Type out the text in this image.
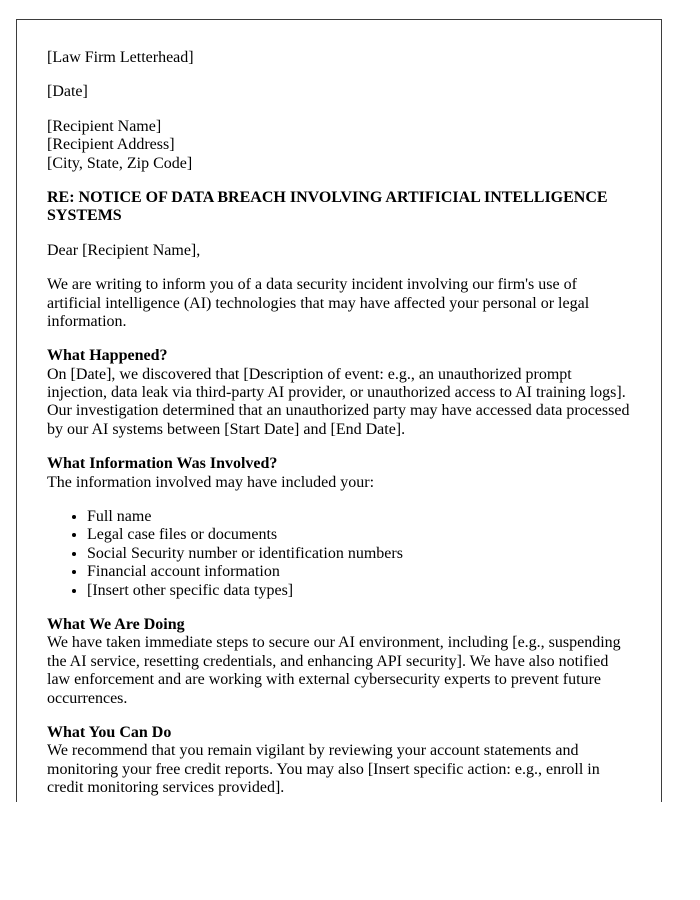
[Law Firm Letterhead]

[Date]

[Recipient Name]
[Recipient Address]
[City, State, Zip Code]

RE: NOTICE OF DATA BREACH INVOLVING ARTIFICIAL INTELLIGENCE SYSTEMS

Dear [Recipient Name],

We are writing to inform you of a data security incident involving our firm's use of artificial intelligence (AI) technologies that may have affected your personal or legal information.

What Happened?
On [Date], we discovered that [Description of event: e.g., an unauthorized prompt injection, data leak via third-party AI provider, or unauthorized access to AI training logs]. Our investigation determined that an unauthorized party may have accessed data processed by our AI systems between [Start Date] and [End Date].

What Information Was Involved?
The information involved may have included your:

• Full name
• Legal case files or documents
• Social Security number or identification numbers
• Financial account information
• [Insert other specific data types]

What We Are Doing
We have taken immediate steps to secure our AI environment, including [e.g., suspending the AI service, resetting credentials, and enhancing API security]. We have also notified law enforcement and are working with external cybersecurity experts to prevent future occurrences.

What You Can Do
We recommend that you remain vigilant by reviewing your account statements and monitoring your free credit reports. You may also [Insert specific action: e.g., enroll in credit monitoring services provided].
